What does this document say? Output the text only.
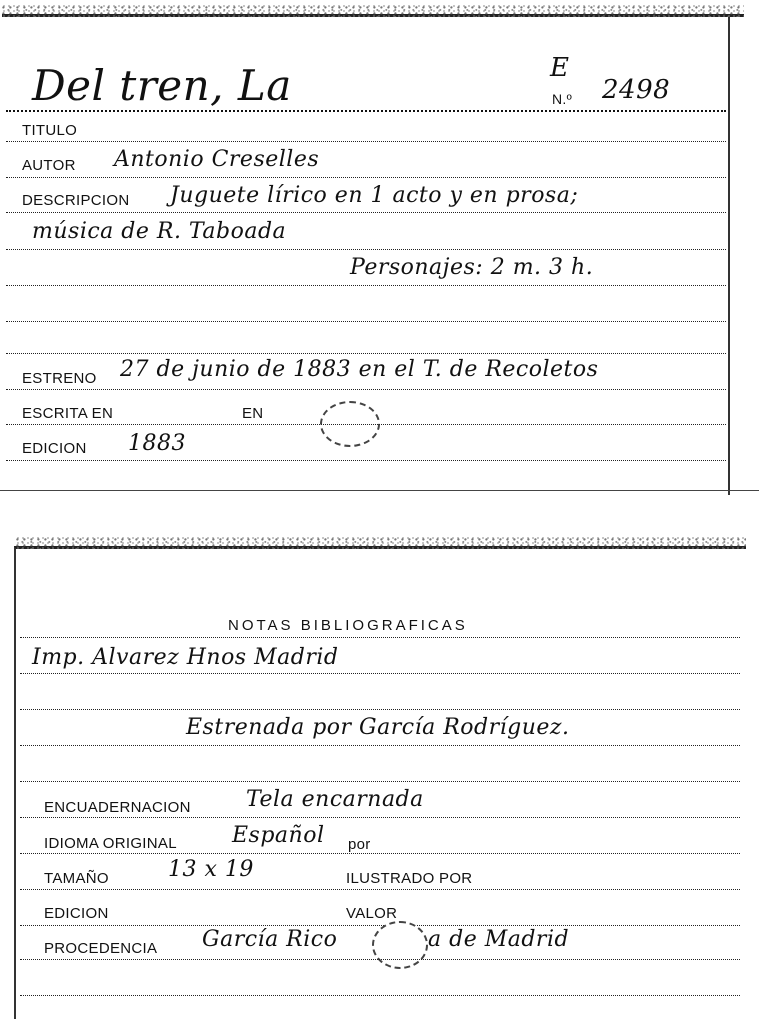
Del tren, La	E
N.º 2498
TITULO
AUTOR Antonio Creselles
DESCRIPCION Juguete lírico en 1 acto y en prosa;
música de R. Taboada
Personajes: 2 m. 3 h.
ESTRENO 27 de junio de 1883 en el T. de Recoletos
ESCRITA EN	EN
EDICION 1883
NOTAS BIBLIOGRAFICAS
Imp. Alvarez Hnos Madrid
Estrenada por García Rodríguez.
ENCUADERNACION	Tela encarnada
IDIOMA ORIGINAL	Español por
TAMAÑO	13 x 19	ILUSTRADO POR
EDICION	VALOR
PROCEDENCIA García Rico	a de Madrid
